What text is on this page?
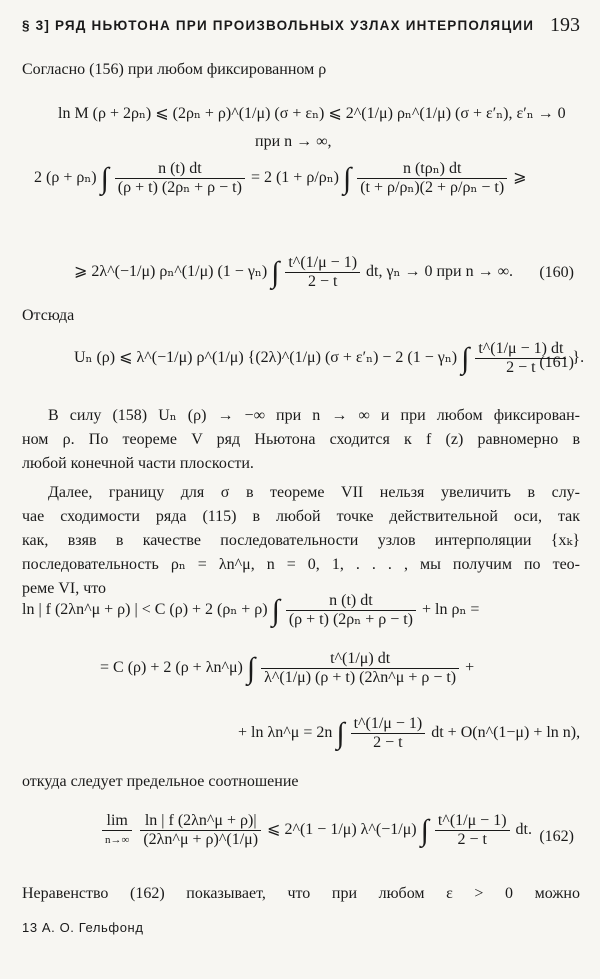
§ 3] РЯД НЬЮТОНА ПРИ ПРОИЗВОЛЬНЫХ УЗЛАХ ИНТЕРПОЛЯЦИИ 193
Согласно (156) при любом фиксированном ρ
ln M (ρ + 2ρₙ) ⩽ (2ρₙ + ρ)^(1/μ) (σ + εₙ) ⩽ 2^(1/μ) ρₙ^(1/μ) (σ + ε′ₙ), ε′ₙ → 0
при n → ∞,
2 (ρ + ρₙ) ∫ $\frac{n (t) dt}{\text{(ρ + t) (2ρₙ + ρ − t)}} = 2$ (1 + ρ/ρₙ) ∫ $\frac{\text{n (tρₙ) dt}}{\text{(t + ρ/ρₙ)(2 + ρ/ρₙ − t)}}$ ⩾
⩾ 2λ^(−1/μ) ρₙ^(1/μ) (1 − γₙ) ∫ $\frac{t\^{}(1/\mu - 1)}{2 - t}$ dt, γₙ → 0 при n → ∞. (160)
Отсюда
Uₙ (ρ) ⩽ λ^(−1/μ) ρ^(1/μ) {(2λ)^(1/μ) (σ + ε′ₙ) − 2 (1 − γₙ) ∫ $\frac{t\^{}(1/\mu - 1) dt}{2 - t}$ }.
(161)
В силу (158) Uₙ (ρ) → −∞ при n → ∞ и при любом фиксирован-
ном ρ. По теореме V ряд Ньютона сходится к f (z) равномерно в
любой конечной части плоскости.
Далее, границу для σ в теореме VII нельзя увеличить в слу-
чае сходимости ряда (115) в любой точке действительной оси, так
как, взяв в качестве последовательности узлов интерполяции {xₖ}
последовательность ρₙ = λn^μ, n = 0, 1, . . . , мы получим по тео-
реме VI, что
ln | f (2λn^μ + ρ) | < C (ρ) + 2 (ρₙ + ρ) ∫ $\frac{n (t) dt}{\text{(ρ + t) (2ρₙ + ρ − t)}} + \ln \rho_n$ =
= C (ρ) + 2 (ρ + λn^μ) ∫ $\frac{t\^{}(1/\mu) dt}{\lambda\^{}(1/\mu) (\rho + t) (2\lambda n\^{}\mu + \rho - t)}$ +
+ ln λn^μ = 2n ∫ $\frac{t\^{}(1/\mu - 1)}{2 - t}$ dt + O(n^(1−μ) + ln n),
откуда следует предельное соотношение
$\frac{\lim}{n\to\infty}$
$\frac{\ln | f (2\lambda n\^{}\mu + \rho)|}{(2\lambda n\^{}\mu + \rho)\^{}(1/\mu)}$ ⩽ 2^(1 − 1/μ) λ^(−1/μ) ∫ $\frac{t\^{}(1/\mu - 1)}{2 - t}$ dt. (162)
Неравенство (162) показывает, что при любом ε > 0 можно
13 А. О. Гельфонд
